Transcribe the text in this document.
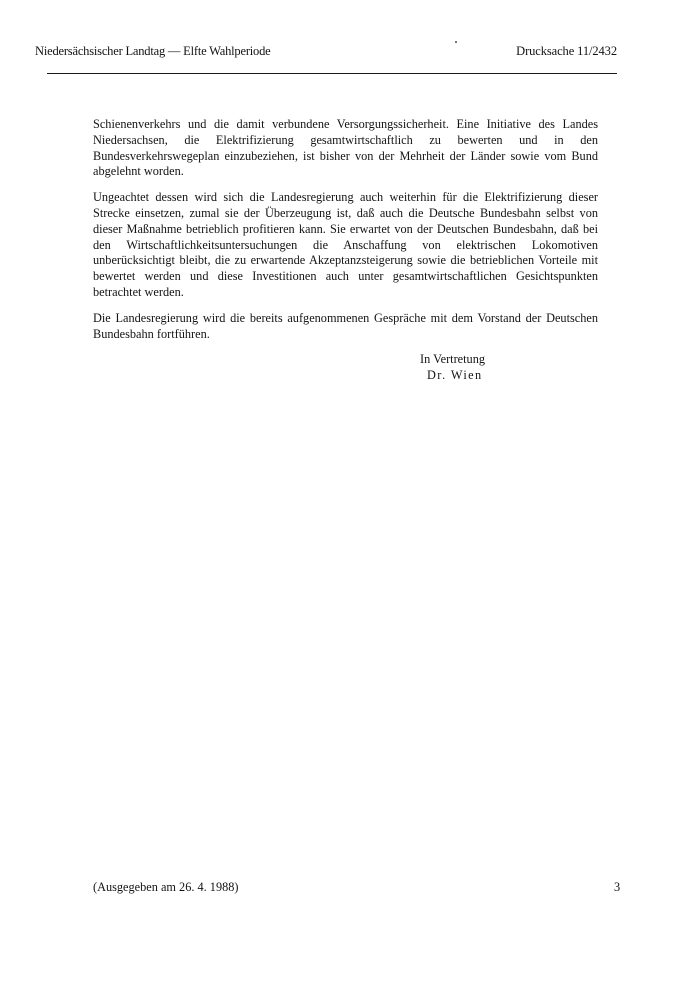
Niedersächsischer Landtag — Elfte Wahlperiode	Drucksache 11/2432

Schienenverkehrs und die damit verbundene Versorgungssicherheit. Eine Initiative des Landes Niedersachsen, die Elektrifizierung gesamtwirtschaftlich zu bewerten und in den Bundesverkehrswegeplan einzubeziehen, ist bisher von der Mehrheit der Länder sowie vom Bund abgelehnt worden.

Ungeachtet dessen wird sich die Landesregierung auch weiterhin für die Elektrifizierung dieser Strecke einsetzen, zumal sie der Überzeugung ist, daß auch die Deutsche Bundesbahn selbst von dieser Maßnahme betrieblich profitieren kann. Sie erwartet von der Deutschen Bundesbahn, daß bei den Wirtschaftlichkeitsuntersuchungen die Anschaffung von elektrischen Lokomotiven unberücksichtigt bleibt, die zu erwartende Akzeptanzsteigerung sowie die betrieblichen Vorteile mit bewertet werden und diese Investitionen auch unter gesamtwirtschaftlichen Gesichtspunkten betrachtet werden.

Die Landesregierung wird die bereits aufgenommenen Gespräche mit dem Vorstand der Deutschen Bundesbahn fortführen.

In Vertretung
Dr. Wien
(Ausgegeben am 26. 4. 1988)	3
